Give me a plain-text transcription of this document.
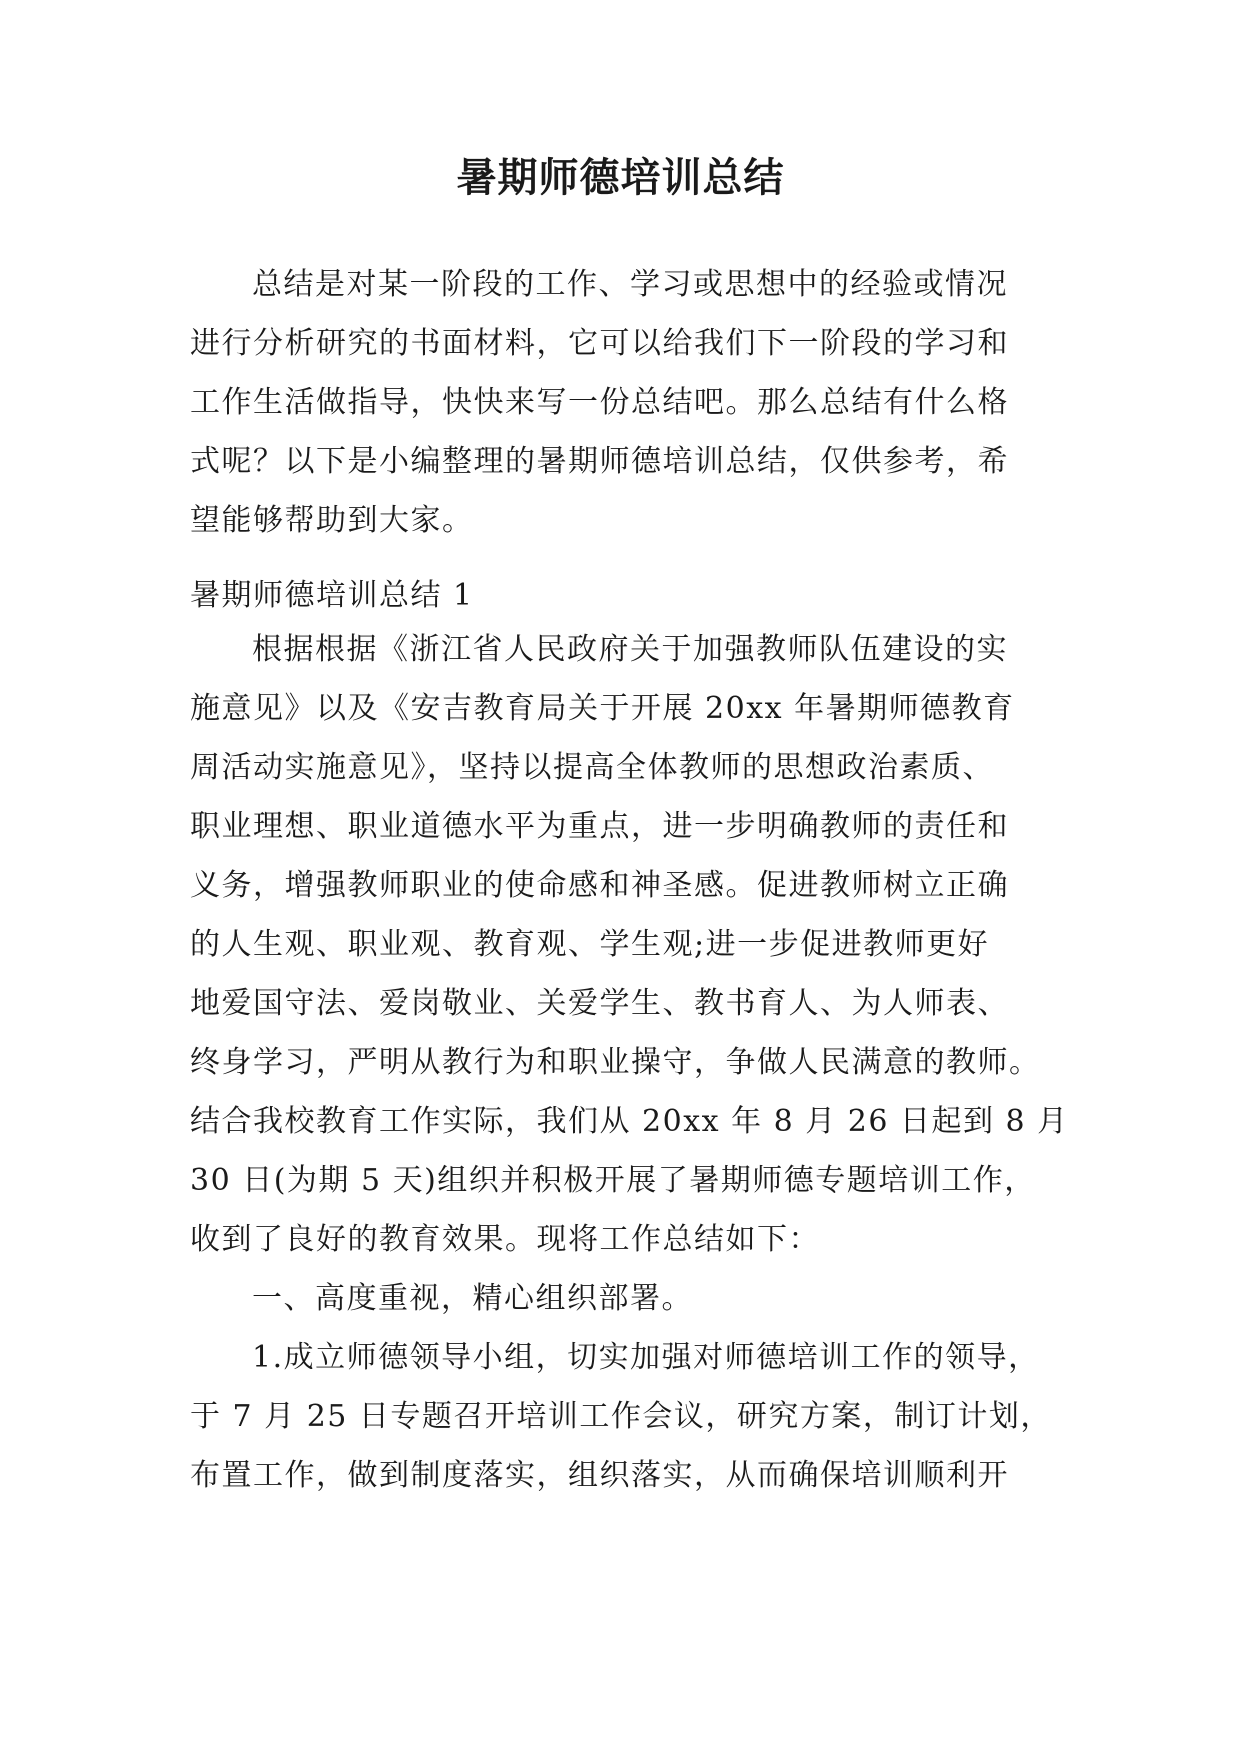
暑期师德培训总结
总结是对某一阶段的工作、学习或思想中的经验或情况
进行分析研究的书面材料，它可以给我们下一阶段的学习和
工作生活做指导，快快来写一份总结吧。那么总结有什么格
式呢？以下是小编整理的暑期师德培训总结，仅供参考，希
望能够帮助到大家。
暑期师德培训总结 1
根据根据《浙江省人民政府关于加强教师队伍建设的实
施意见》以及《安吉教育局关于开展 20xx 年暑期师德教育
周活动实施意见》，坚持以提高全体教师的思想政治素质、
职业理想、职业道德水平为重点，进一步明确教师的责任和
义务，增强教师职业的使命感和神圣感。促进教师树立正确
的人生观、职业观、教育观、学生观;进一步促进教师更好
地爱国守法、爱岗敬业、关爱学生、教书育人、为人师表、
终身学习，严明从教行为和职业操守，争做人民满意的教师。
结合我校教育工作实际，我们从 20xx 年 8 月 26 日起到 8 月
30 日(为期 5 天)组织并积极开展了暑期师德专题培训工作，
收到了良好的教育效果。现将工作总结如下：
一、高度重视，精心组织部署。
1.成立师德领导小组，切实加强对师德培训工作的领导，
于 7 月 25 日专题召开培训工作会议，研究方案，制订计划，
布置工作，做到制度落实，组织落实，从而确保培训顺利开
